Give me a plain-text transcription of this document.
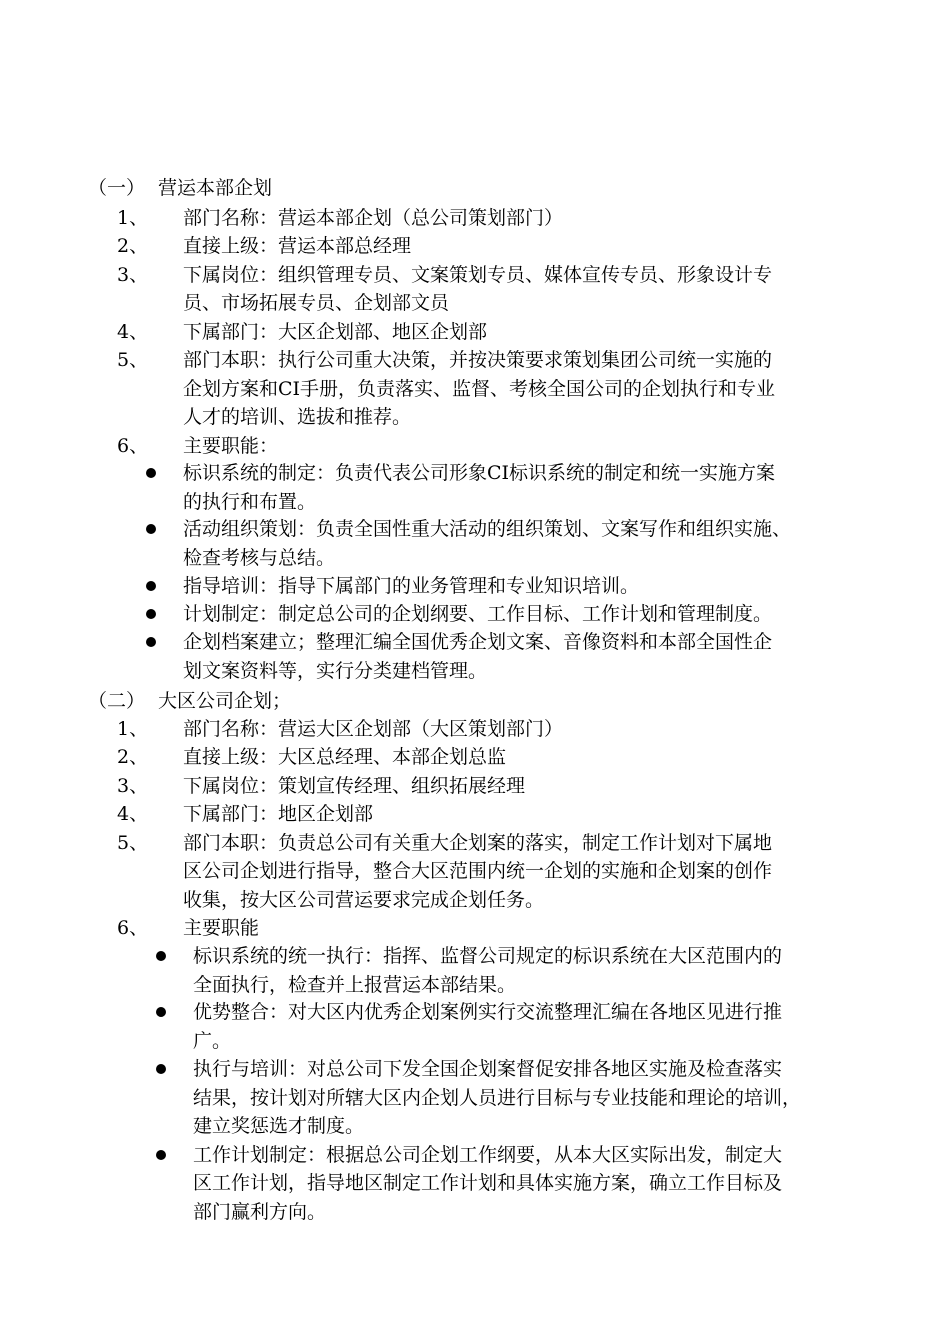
（一） 营运本部企划
1、 部门名称：营运本部企划（总公司策划部门）
2、 直接上级：营运本部总经理
3、 下属岗位：组织管理专员、文案策划专员、媒体宣传专员、形象设计专
员、市场拓展专员、企划部文员
4、 下属部门：大区企划部、地区企划部
5、 部门本职：执行公司重大决策，并按决策要求策划集团公司统一实施的
企划方案和CI手册，负责落实、监督、考核全国公司的企划执行和专业
人才的培训、选拔和推荐。
6、 主要职能：
标识系统的制定：负责代表公司形象CI标识系统的制定和统一实施方案
的执行和布置。
活动组织策划：负责全国性重大活动的组织策划、文案写作和组织实施、
检查考核与总结。
指导培训：指导下属部门的业务管理和专业知识培训。
计划制定：制定总公司的企划纲要、工作目标、工作计划和管理制度。
企划档案建立；整理汇编全国优秀企划文案、音像资料和本部全国性企
划文案资料等，实行分类建档管理。
（二） 大区公司企划；
1、 部门名称：营运大区企划部（大区策划部门）
2、 直接上级：大区总经理、本部企划总监
3、 下属岗位：策划宣传经理、组织拓展经理
4、 下属部门：地区企划部
5、 部门本职：负责总公司有关重大企划案的落实，制定工作计划对下属地
区公司企划进行指导，整合大区范围内统一企划的实施和企划案的创作
收集，按大区公司营运要求完成企划任务。
6、 主要职能
标识系统的统一执行：指挥、监督公司规定的标识系统在大区范围内的
全面执行，检查并上报营运本部结果。
优势整合：对大区内优秀企划案例实行交流整理汇编在各地区见进行推
广。
执行与培训：对总公司下发全国企划案督促安排各地区实施及检查落实
结果，按计划对所辖大区内企划人员进行目标与专业技能和理论的培训，
建立奖惩选才制度。
工作计划制定：根据总公司企划工作纲要，从本大区实际出发，制定大
区工作计划，指导地区制定工作计划和具体实施方案，确立工作目标及
部门赢利方向。
